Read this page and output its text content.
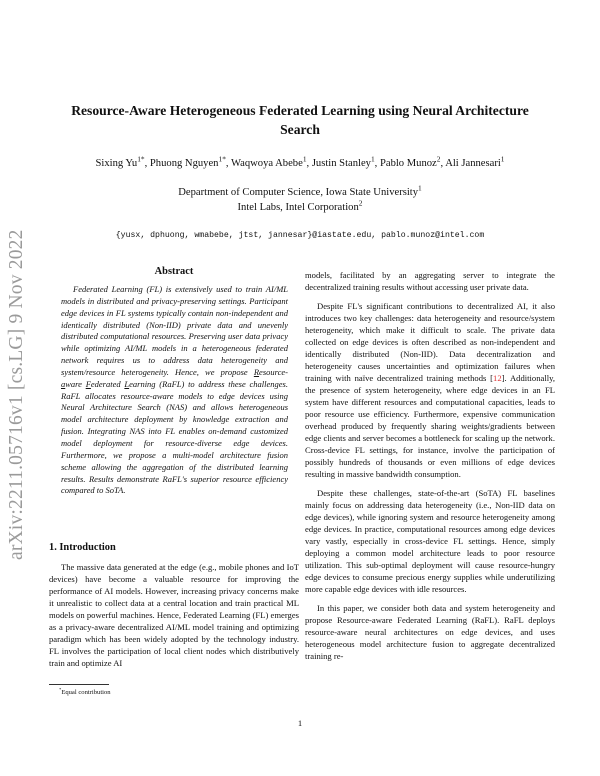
arXiv:2211.05716v1 [cs.LG] 9 Nov 2022
Resource-Aware Heterogeneous Federated Learning using Neural Architecture
Search
Sixing $Yu^{1*}$, Phuong Nguyen$^{1*}$, Waqwoya Abebe$^1$, Justin Stanley$^1$, Pablo Munoz$^2$, Ali Jannesari$^1$
Department of Computer Science, Iowa State University$^1$
Intel Labs, Intel Corporation$^2$
{yusx, dphuong, wmabebe, jtst, jannesar}@iastate.edu, pablo.munoz@intel.com
Abstract

Federated Learning (FL) is extensively used to train AI/ML models in distributed and privacy-preserving settings. Participant edge devices in FL systems typically contain non-independent and identically distributed (Non-IID) private data and unevenly distributed computational resources. Preserving user data privacy while optimizing AI/ML models in a heterogeneous federated network requires us to address data heterogeneity and system/resource heterogeneity. Hence, we propose Resource-aware Federated Learning (RaFL) to address these challenges. RaFL allocates resource-aware models to edge devices using Neural Architecture Search (NAS) and allows heterogeneous model architecture deployment by knowledge extraction and fusion. Integrating NAS into FL enables on-demand customized model deployment for resource-diverse edge devices. Furthermore, we propose a multi-model architecture fusion scheme allowing the aggregation of the distributed learning results. Results demonstrate RaFL's superior resource efficiency compared to SoTA.

1. Introduction

The massive data generated at the edge (e.g., mobile phones and IoT devices) have become a valuable resource for improving the performance of AI models. However, increasing privacy concerns make it unrealistic to collect data at a central location and train practical ML models on powerful machines. Hence, Federated Learning (FL) emerges as a privacy-aware decentralized AI/ML model training and optimizing paradigm which has been widely adopted by the technology industry. FL involves the participation of local client nodes which distributively train and optimize AI

models, facilitated by an aggregating server to integrate the decentralized training results without accessing user private data.

Despite FL's significant contributions to decentralized AI, it also introduces two key challenges: data heterogeneity and resource/system heterogeneity, which make it difficult to scale. The private data collected on edge devices is often described as non-independent and identically distributed (Non-IID). Data decentralization and heterogeneity causes uncertainties and optimization failures when training with naïve decentralized training methods [12]. Additionally, the presence of system heterogeneity, where edge devices in an FL system have different resources and computational capacities, leads to poor resource use efficiency. Furthermore, expensive communication overhead produced by frequently sharing weights/gradients between edge clients and server becomes a bottleneck for scaling up the network. Cross-device FL settings, for instance, involve the participation of possibly hundreds of thousands or even millions of edge devices resulting in massive bandwidth consumption.

Despite these challenges, state-of-the-art (SoTA) FL baselines mainly focus on addressing data heterogeneity (i.e., Non-IID data on edge devices), while ignoring system and resource heterogeneity among edge devices. In practice, computational resources among edge devices vary vastly, especially in cross-device FL settings. Hence, simply deploying a common model architecture leads to poor resource utilization. This sub-optimal deployment will cause resource-hungry edge devices to consume precious energy supplies while underutilizing more capable edge devices with idle resources.

In this paper, we consider both data and system heterogeneity and propose Resource-aware Federated Learning (RaFL). RaFL deploys resource-aware neural architectures on edge devices, and uses heterogeneous model architecture fusion to aggregate decentralized training re-

*Equal contribution
1
